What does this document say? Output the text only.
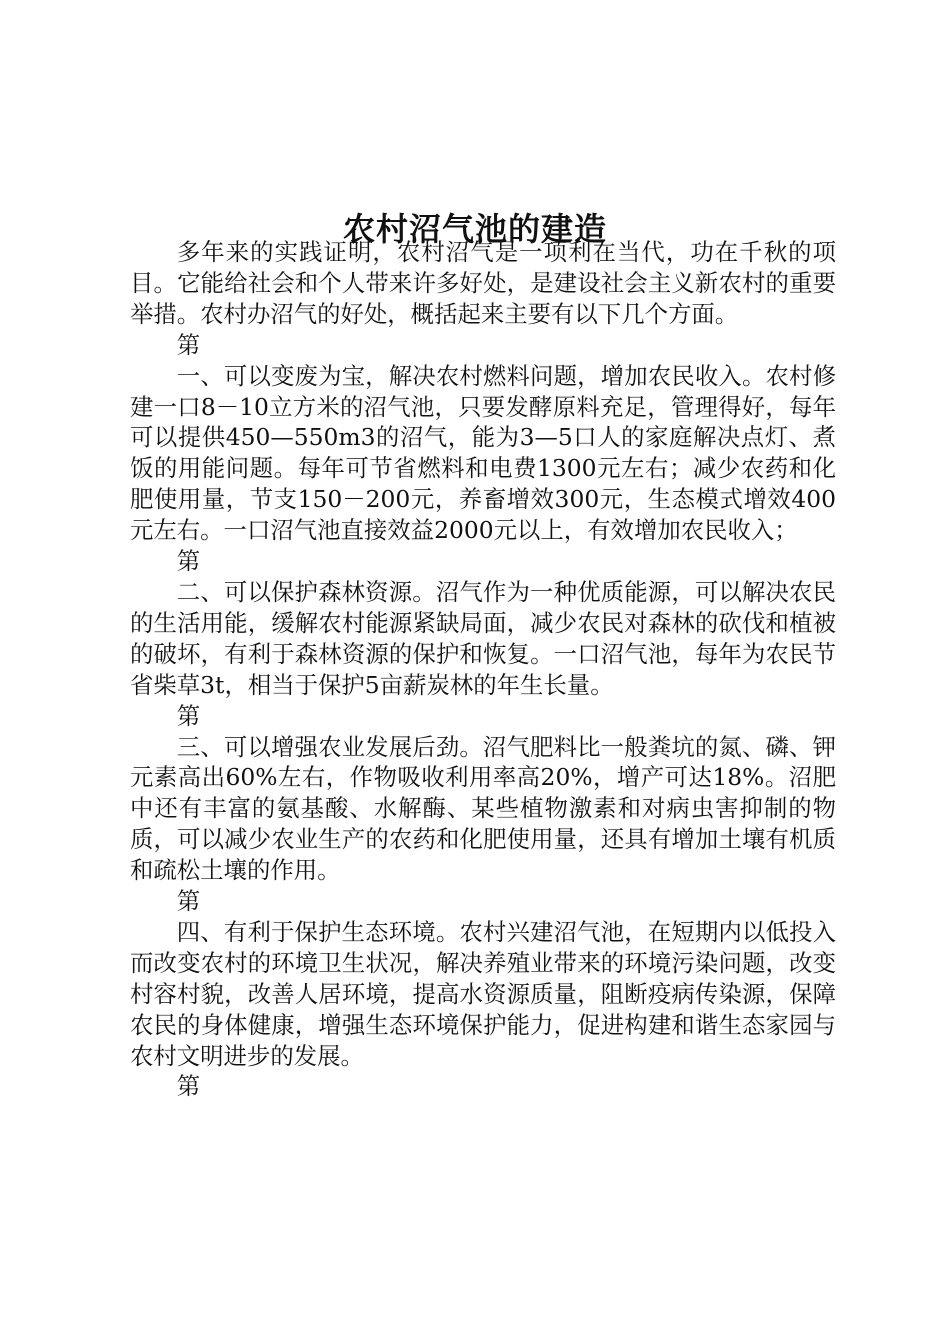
农村沼气池的建造

多年来的实践证明，农村沼气是一项利在当代，功在千秋的项目。它能给社会和个人带来许多好处，是建设社会主义新农村的重要举措。农村办沼气的好处，概括起来主要有以下几个方面。

第

一、可以变废为宝，解决农村燃料问题，增加农民收入。农村修建一口8－10立方米的沼气池，只要发酵原料充足，管理得好，每年可以提供450—550m3的沼气，能为3—5口人的家庭解决点灯、煮饭的用能问题。每年可节省燃料和电费1300元左右；减少农药和化肥使用量，节支150－200元，养畜增效300元，生态模式增效400元左右。一口沼气池直接效益2000元以上，有效增加农民收入；

第

二、可以保护森林资源。沼气作为一种优质能源，可以解决农民的生活用能，缓解农村能源紧缺局面，减少农民对森林的砍伐和植被的破坏，有利于森林资源的保护和恢复。一口沼气池，每年为农民节省柴草3t，相当于保护5亩薪炭林的年生长量。

第

三、可以增强农业发展后劲。沼气肥料比一般粪坑的氮、磷、钾元素高出60%左右，作物吸收利用率高20%，增产可达18%。沼肥中还有丰富的氨基酸、水解酶、某些植物激素和对病虫害抑制的物质，可以减少农业生产的农药和化肥使用量，还具有增加土壤有机质和疏松土壤的作用。

第

四、有利于保护生态环境。农村兴建沼气池，在短期内以低投入而改变农村的环境卫生状况，解决养殖业带来的环境污染问题，改变村容村貌，改善人居环境，提高水资源质量，阻断疫病传染源，保障农民的身体健康，增强生态环境保护能力，促进构建和谐生态家园与农村文明进步的发展。

第
